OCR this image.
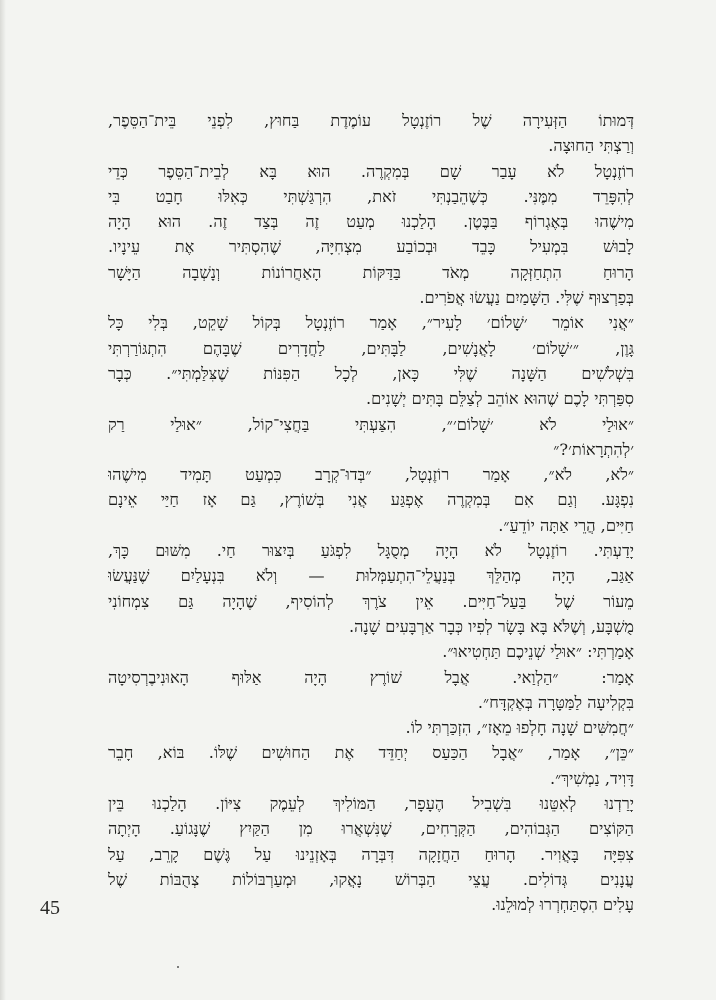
דְּמוּתוֹ הַזְּעִירָה שֶׁל רוֹזֶנְטָל עוֹמֶדֶת בַּחוּץ, לִפְנֵי בֵּית־הַסֵּפֶר,
וְרַצְתִּי הַחוּצָה.
רוֹזֶנְטָל לֹא עָבַר שָׁם בְּמִקְרֶה. הוּא בָּא לְבֵית־הַסֵּפֶר כְּדֵי
לְהִפָּרֵד מִמֶּנִּי. כְּשֶׁהֵבַנְתִּי זֹאת, הִרְגַּשְׁתִּי כְּאִלּוּ חָבַט בִּי
מִישֶׁהוּ בְּאֶגְרוֹף בַּבֶּטֶן. הָלַכְנוּ מְעַט זֶה בְּצַד זֶה. הוּא הָיָה
לָבוּשׁ בִּמְעִיל כָּבֵד וּבְכוֹבַע מִצְחִיָּה, שֶׁהִסְתִּיר אֶת עֵינָיו.
הָרוּחַ הִתְחַזְּקָה מְאֹד בַּדַּקּוֹת הָאַחֲרוֹנוֹת וְנָשְׁבָה הַיָּשָׁר
בְּפַרְצוּף שֶׁלִּי. הַשָּׁמַיִם נַעֲשׂוּ אֲפֹרִים.
״אֲנִי אוֹמֵר ׳שָׁלוֹם׳ לָעִיר״, אָמַר רוֹזֶנְטָל בְּקוֹל שָׁקֵט, בְּלִי כָּל
גָּוֶן, ״׳שָׁלוֹם׳ לָאֲנָשִׁים, לַבָּתִּים, לַחֲדָרִים שֶׁבָּהֶם הִתְגּוֹרַרְתִּי
בִּשְׁלֹשִׁים הַשָּׁנָה שֶׁלִּי כָּאן, לְכָל הַפִּנּוֹת שֶׁצִּלַּמְתִּי״. כְּבָר
סִפַּרְתִּי לָכֶם שֶׁהוּא אוֹהֵב לְצַלֵּם בָּתִּים יְשָׁנִים.
״אוּלַי לֹא ׳שָׁלוֹם׳״, הִצַּעְתִּי בַּחֲצִי־קוֹל, ״אוּלַי רַק
׳לְהִתְרָאוֹת׳?״
״לֹא, לֹא״, אָמַר רוֹזֶנְטָל, ״בְּדוּ־קְרָב כִּמְעַט תָּמִיד מִישֶׁהוּ
נִפְגָּע. וְגַם אִם בְּמִקְרֶה אֶפְגַּע אֲנִי בְּשׁוֹרֶץ, גַּם אָז חַיַּי אֵינָם
חַיִּים, הֲרֵי אַתָּה יוֹדֵעַ״.
יָדַעְתִּי. רוֹזֶנְטָל לֹא הָיָה מְסֻגָּל לִפְגֹּעַ בְּיִצּוּר חַי. מִשּׁוּם כָּךְ,
אַגַּב, הָיָה מְהַלֵּךְ בְּנַעֲלֵי־הִתְעַמְּלוּת — וְלֹא בִּנְעָלַיִם שֶׁנַּעֲשׂוּ
מֵעוֹר שֶׁל בַּעַל־חַיִּים. אֵין צֹרֶךְ לְהוֹסִיף, שֶׁהָיָה גַּם צִמְחוֹנִי
מֻשְׁבָּע, וְשֶׁלֹּא בָּא בָּשָׂר לְפִיו כְּבָר אַרְבָּעִים שָׁנָה.
אָמַרְתִּי: ״אוּלַי שְׁנֵיכֶם תַּחְטִיאוּ״.
אָמַר: ״הַלְוַאי. אֲבָל שׁוֹרֶץ הָיָה אַלּוּף הָאוּנִיבֶרְסִיטָה
בִּקְלִיעָה לַמַּטָּרָה בְּאֶקְדָּח״.
״חֲמִשִּׁים שָׁנָה חָלְפוּ מֵאָז״, הִזְכַּרְתִּי לוֹ.
״כֵּן״, אָמַר, ״אֲבָל הַכַּעַס יְחַדֵּד אֶת הַחוּשִׁים שֶׁלּוֹ. בּוֹא, חָבֵר
דָּוִיד, נַמְשִׁיךְ״.
יָרַדְנוּ לְאִטֵּנוּ בִּשְׁבִיל הֶעָפָר, הַמּוֹלִיךְ לְעֵמֶק צִיּוֹן. הָלַכְנוּ בֵּין
הַקּוֹצִים הַגְּבוֹהִים, הַקְּרָחִים, שֶׁנִּשְׁאֲרוּ מִן הַקַּיִץ שֶׁנָּגוֹעַ. הָיְתָה
צִפִּיָּה בָּאֲוִיר. הָרוּחַ הַחֲזָקָה דִּבְּרָה בְּאָזְנֵינוּ עַל גֶּשֶׁם קָרֵב, עַל
עֲנָנִים גְּדוֹלִים. עֲצֵי הַבְּרוֹשׁ נָאֲקוּ, וּמְעַרְבּוֹלוֹת צְהֻבּוֹת שֶׁל
עָלִים הִסְתַּחְרְרוּ לְמוּלֵנוּ.
45
